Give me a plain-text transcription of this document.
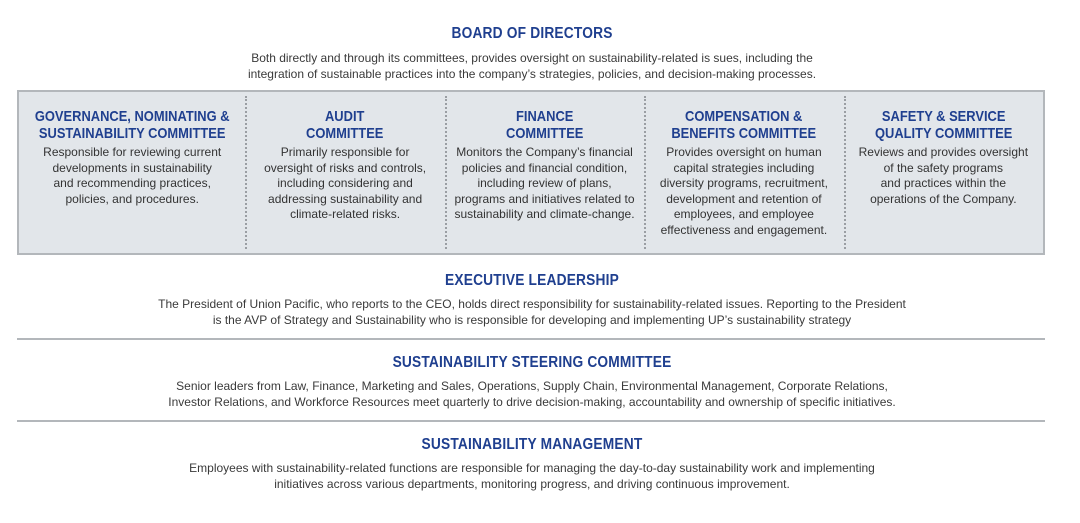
BOARD OF DIRECTORS
Both directly and through its committees, provides oversight on sustainability-related is sues, including the
integration of sustainable practices into the company’s strategies, policies, and decision-making processes.
GOVERNANCE, NOMINATING &
SUSTAINABILITY COMMITTEE
Responsible for reviewing current
developments in sustainability
and recommending practices,
policies, and procedures.
AUDIT
COMMITTEE
Primarily responsible for
oversight of risks and controls,
including considering and
addressing sustainability and
climate-related risks.
FINANCE
COMMITTEE
Monitors the Company’s financial
policies and financial condition,
including review of plans,
programs and initiatives related to
sustainability and climate-change.
COMPENSATION &
BENEFITS COMMITTEE
Provides oversight on human
capital strategies including
diversity programs, recruitment,
development and retention of
employees, and employee
effectiveness and engagement.
SAFETY & SERVICE
QUALITY COMMITTEE
Reviews and provides oversight
of the safety programs
and practices within the
operations of the Company.
EXECUTIVE LEADERSHIP
The President of Union Pacific, who reports to the CEO, holds direct responsibility for sustainability-related issues. Reporting to the President
is the AVP of Strategy and Sustainability who is responsible for developing and implementing UP’s sustainability strategy
SUSTAINABILITY STEERING COMMITTEE
Senior leaders from Law, Finance, Marketing and Sales, Operations, Supply Chain, Environmental Management, Corporate Relations,
Investor Relations, and Workforce Resources meet quarterly to drive decision-making, accountability and ownership of specific initiatives.
SUSTAINABILITY MANAGEMENT
Employees with sustainability-related functions are responsible for managing the day-to-day sustainability work and implementing
initiatives across various departments, monitoring progress, and driving continuous improvement.
